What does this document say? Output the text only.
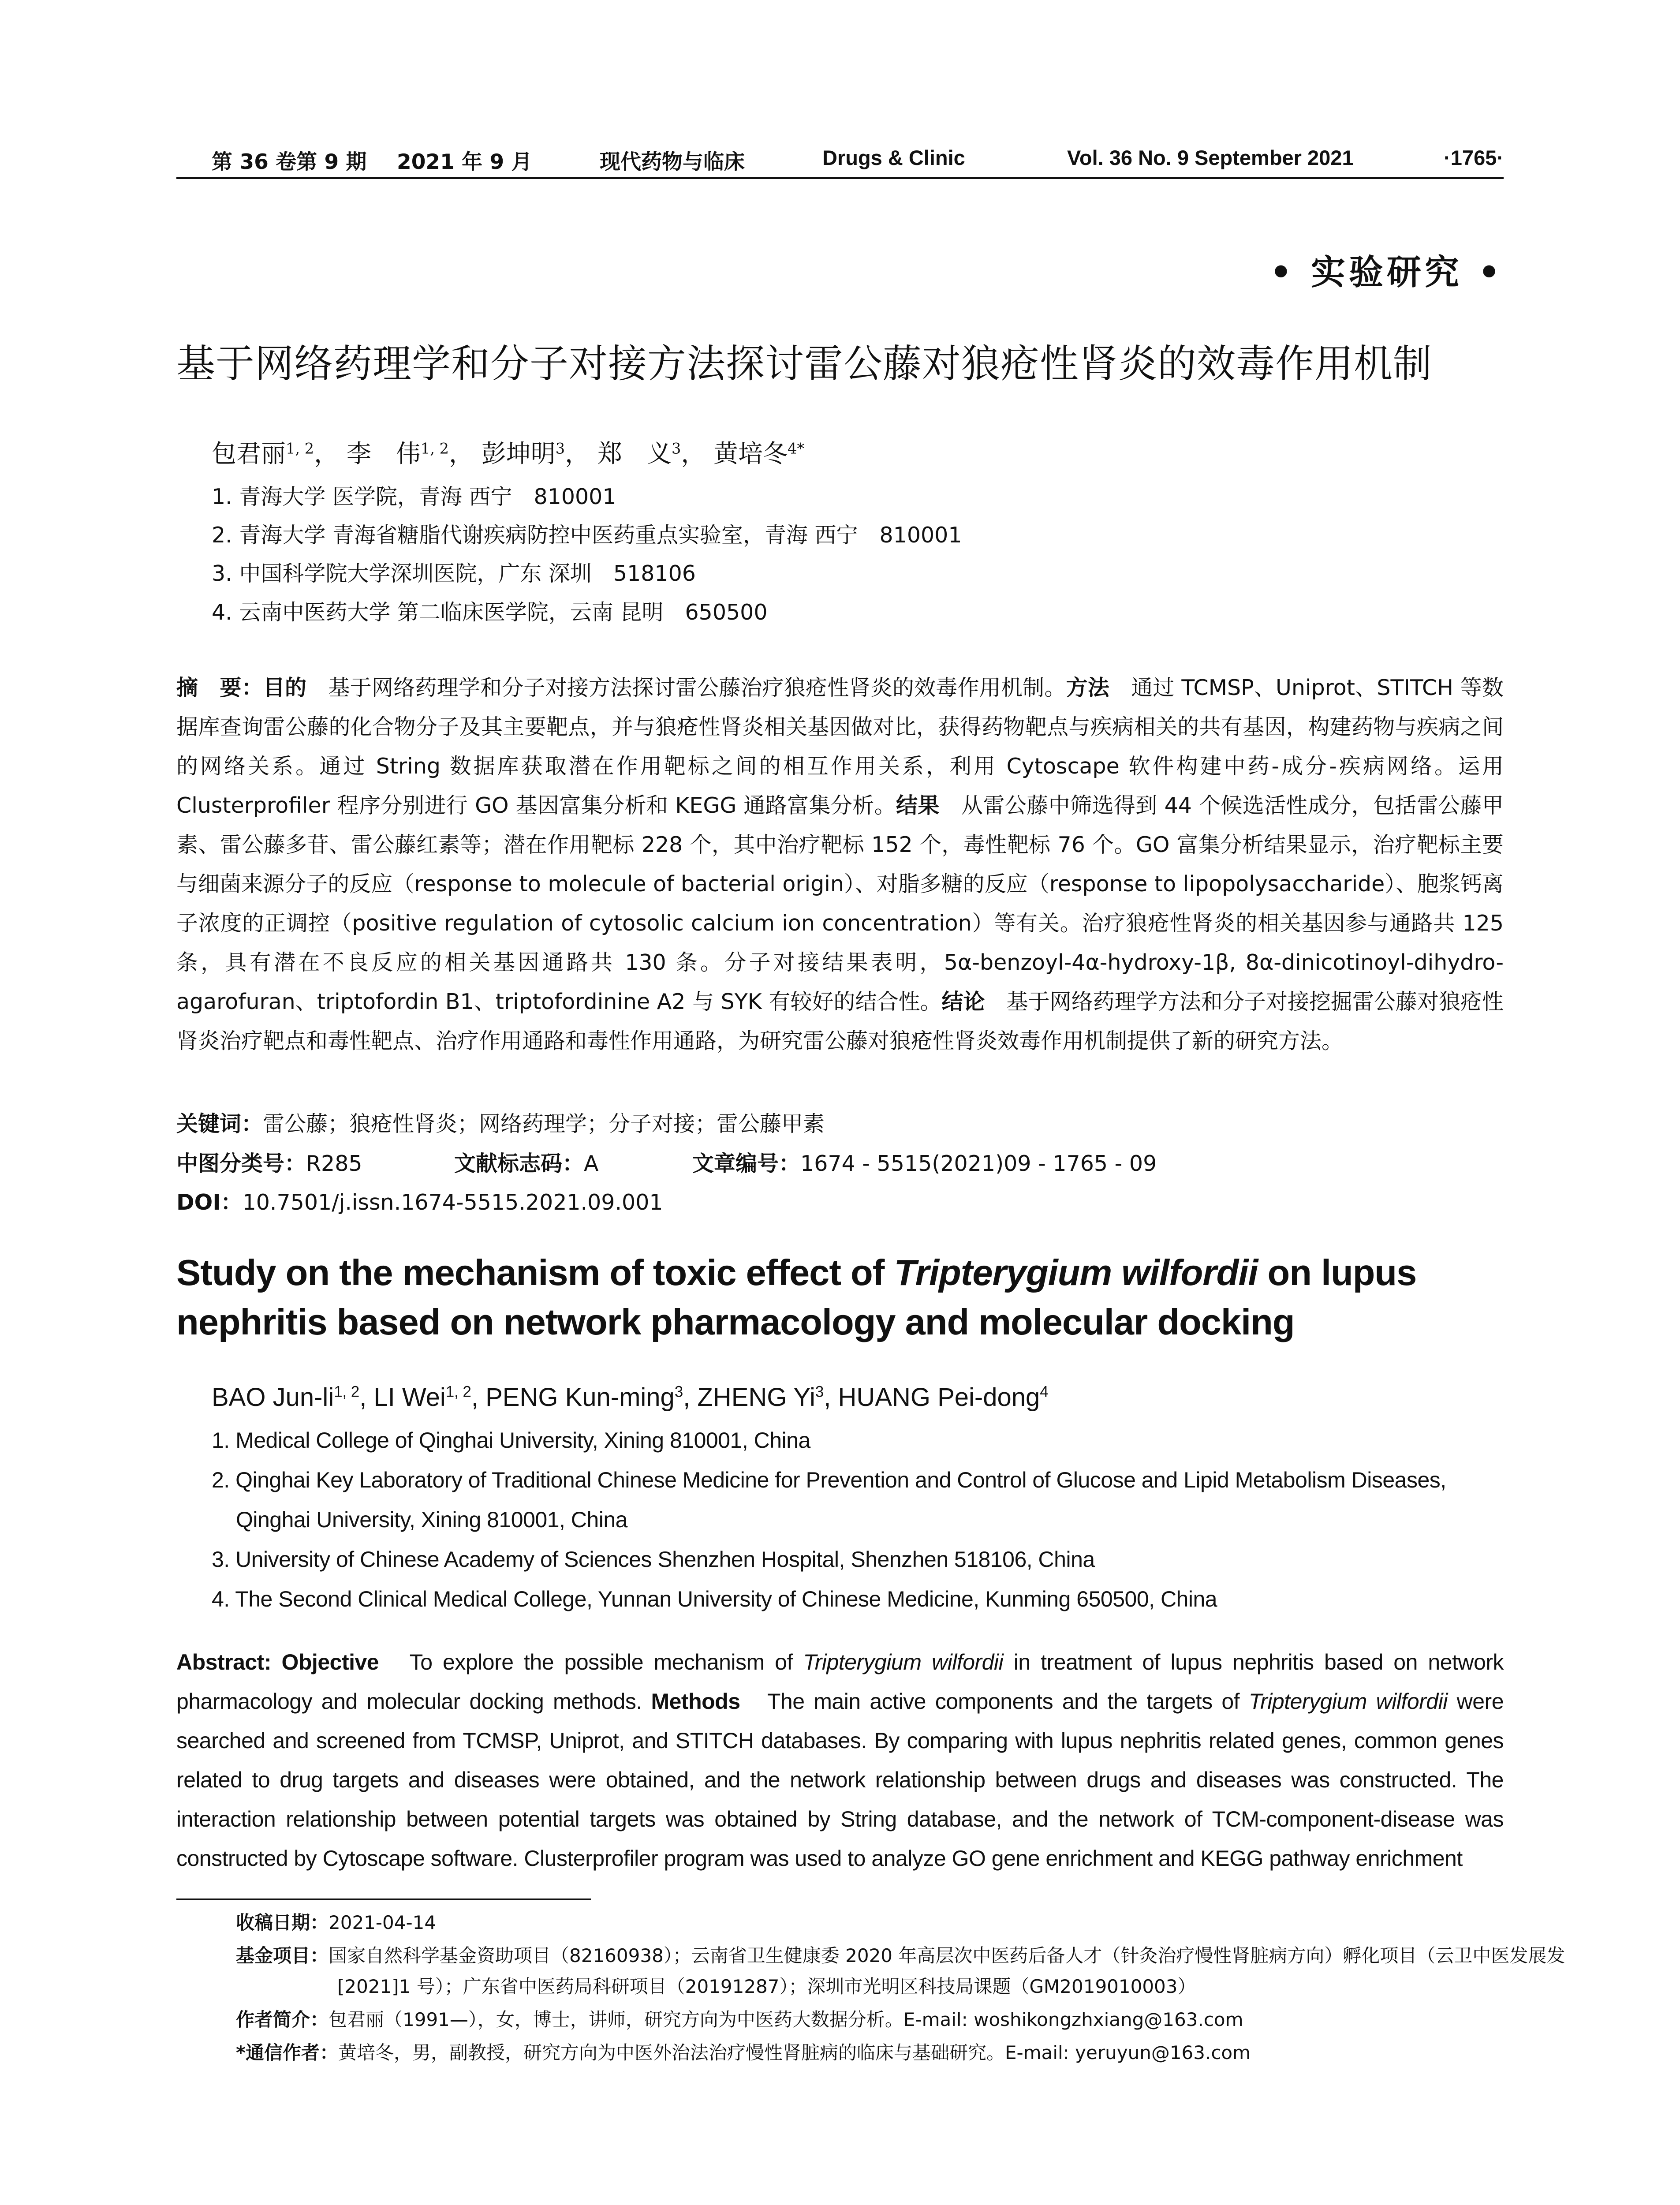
第 36 卷第 9 期 2021 年 9 月	现代药物与临床	Drugs & Clinic	Vol. 36 No. 9 September 2021	·1765·
• 实验研究 •
基于网络药理学和分子对接方法探讨雷公藤对狼疮性肾炎的效毒作用机制
包君丽$^{1, 2}$， 李　伟$^{1, 2}$， 彭坤明$^3$， 郑　义$^3$， 黄培冬$^{4*}$
1. 青海大学 医学院，青海 西宁　810001
2. 青海大学 青海省糖脂代谢疾病防控中医药重点实验室，青海 西宁　810001
3. 中国科学院大学深圳医院，广东 深圳　518106
4. 云南中医药大学 第二临床医学院，云南 昆明　650500
摘　要：目的　 基于网络药理学和分子对接方法探讨雷公藤治疗狼疮性肾炎的效毒作用机制。方法　 通过 TCMSP、Uniprot、STITCH 等数据库查询雷公藤的化合物分子及其主要靶点，并与狼疮性肾炎相关基因做对比，获得药物靶点与疾病相关的共有基因，构建药物与疾病之间的网络关系。通过 String 数据库获取潜在作用靶标之间的相互作用关系，利用 Cytoscape 软件构建中药-成分-疾病网络。运用 Clusterprofiler 程序分别进行 GO 基因富集分析和 KEGG 通路富集分析。结果　 从雷公藤中筛选得到 44 个候选活性成分，包括雷公藤甲素、雷公藤多苷、雷公藤红素等；潜在作用靶标 228 个，其中治疗靶标 152 个，毒性靶标 76 个。GO 富集分析结果显示，治疗靶标主要与细菌来源分子的反应（response to molecule of bacterial origin）、对脂多糖的反应（response to lipopolysaccharide）、胞浆钙离子浓度的正调控（positive regulation of cytosolic calcium ion concentration）等有关。治疗狼疮性肾炎的相关基因参与通路共 125 条，具有潜在不良反应的相关基因通路共 130 条。分子对接结果表明，5α-benzoyl-4α-hydroxy-1β, 8α-dinicotinoyl-dihydro-agarofuran、triptofordin B1、triptofordinine A2 与 SYK 有较好的结合性。结论　 基于网络药理学方法和分子对接挖掘雷公藤对狼疮性肾炎治疗靶点和毒性靶点、治疗作用通路和毒性作用通路，为研究雷公藤对狼疮性肾炎效毒作用机制提供了新的研究方法。
关键词：雷公藤；狼疮性肾炎；网络药理学；分子对接；雷公藤甲素
中图分类号：R285	文献标志码：A	文章编号：1674 - 5515(2021)09 - 1765 - 09
DOI：10.7501/j.issn.1674-5515.2021.09.001
Study on the mechanism of toxic effect of Tripterygium wilfordii on lupus nephritis based on network pharmacology and molecular docking
BAO Jun-li$^{1, 2}$, LI Wei$^{1, 2}$, PENG Kun-ming$^3$, ZHENG Yi$^3$, HUANG Pei-dong$^4$
1. Medical College of Qinghai University, Xining 810001, China
2. Qinghai Key Laboratory of Traditional Chinese Medicine for Prevention and Control of Glucose and Lipid Metabolism Diseases,
Qinghai University, Xining 810001, China
3. University of Chinese Academy of Sciences Shenzhen Hospital, Shenzhen 518106, China
4. The Second Clinical Medical College, Yunnan University of Chinese Medicine, Kunming 650500, China
Abstract: Objective To explore the possible mechanism of Tripterygium wilfordii in treatment of lupus nephritis based on network pharmacology and molecular docking methods. Methods The main active components and the targets of Tripterygium wilfordii were searched and screened from TCMSP, Uniprot, and STITCH databases. By comparing with lupus nephritis related genes, common genes related to drug targets and diseases were obtained, and the network relationship between drugs and diseases was constructed. The interaction relationship between potential targets was obtained by String database, and the network of TCM-component-disease was constructed by Cytoscape software. Clusterprofiler program was used to analyze GO gene enrichment and KEGG pathway enrichment
收稿日期：2021-04-14
基金项目：国家自然科学基金资助项目（82160938）；云南省卫生健康委 2020 年高层次中医药后备人才（针灸治疗慢性肾脏病方向）孵化项目（云卫中医发展发[2021]1 号）；广东省中医药局科研项目（20191287）；深圳市光明区科技局课题（GM2019010003）
作者简介：包君丽（1991—），女，博士，讲师，研究方向为中医药大数据分析。E-mail: woshikongzhxiang@163.com
*通信作者：黄培冬，男，副教授，研究方向为中医外治法治疗慢性肾脏病的临床与基础研究。E-mail: yeruyun@163.com
